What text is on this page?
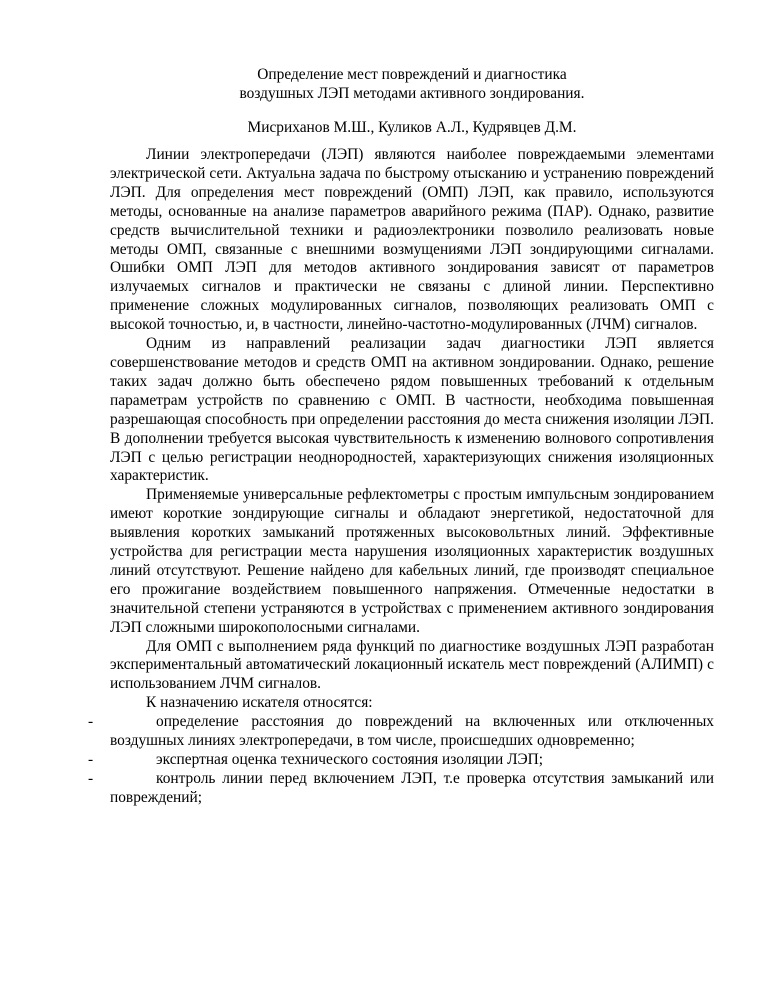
Определение мест повреждений и диагностика
воздушных ЛЭП методами активного зондирования.
Мисриханов М.Ш., Куликов А.Л., Кудрявцев Д.М.

Линии электропередачи (ЛЭП) являются наиболее повреждаемыми элементами электрической сети. Актуальна задача по быстрому отысканию и устранению повреждений ЛЭП. Для определения мест повреждений (ОМП) ЛЭП, как правило, используются методы, основанные на анализе параметров аварийного режима (ПАР). Однако, развитие средств вычислительной техники и радиоэлектроники позволило реализовать новые методы ОМП, связанные с внешними возмущениями ЛЭП зондирующими сигналами. Ошибки ОМП ЛЭП для методов активного зондирования зависят от параметров излучаемых сигналов и практически не связаны с длиной линии. Перспективно применение сложных модулированных сигналов, позволяющих реализовать ОМП с высокой точностью, и, в частности, линейно-частотно-модулированных (ЛЧМ) сигналов.

Одним из направлений реализации задач диагностики ЛЭП является совершенствование методов и средств ОМП на активном зондировании. Однако, решение таких задач должно быть обеспечено рядом повышенных требований к отдельным параметрам устройств по сравнению с ОМП. В частности, необходима повышенная разрешающая способность при определении расстояния до места снижения изоляции ЛЭП. В дополнении требуется высокая чувствительность к изменению волнового сопротивления ЛЭП с целью регистрации неоднородностей, характеризующих снижения изоляционных характеристик.

Применяемые универсальные рефлектометры с простым импульсным зондированием имеют короткие зондирующие сигналы и обладают энергетикой, недостаточной для выявления коротких замыканий протяженных высоковольтных линий. Эффективные устройства для регистрации места нарушения изоляционных характеристик воздушных линий отсутствуют. Решение найдено для кабельных линий, где производят специальное его прожигание воздействием повышенного напряжения. Отмеченные недостатки в значительной степени устраняются в устройствах с применением активного зондирования ЛЭП сложными широкополосными сигналами.

Для ОМП с выполнением ряда функций по диагностике воздушных ЛЭП разработан экспериментальный автоматический локационный искатель мест повреждений (АЛИМП) с использованием ЛЧМ сигналов.

К назначению искателя относятся:

-	определение расстояния до повреждений на включенных или отключенных воздушных линиях электропередачи, в том числе, происшедших одновременно;
-	экспертная оценка технического состояния изоляции ЛЭП;
-	контроль линии перед включением ЛЭП, т.е проверка отсутствия замыканий или повреждений;
